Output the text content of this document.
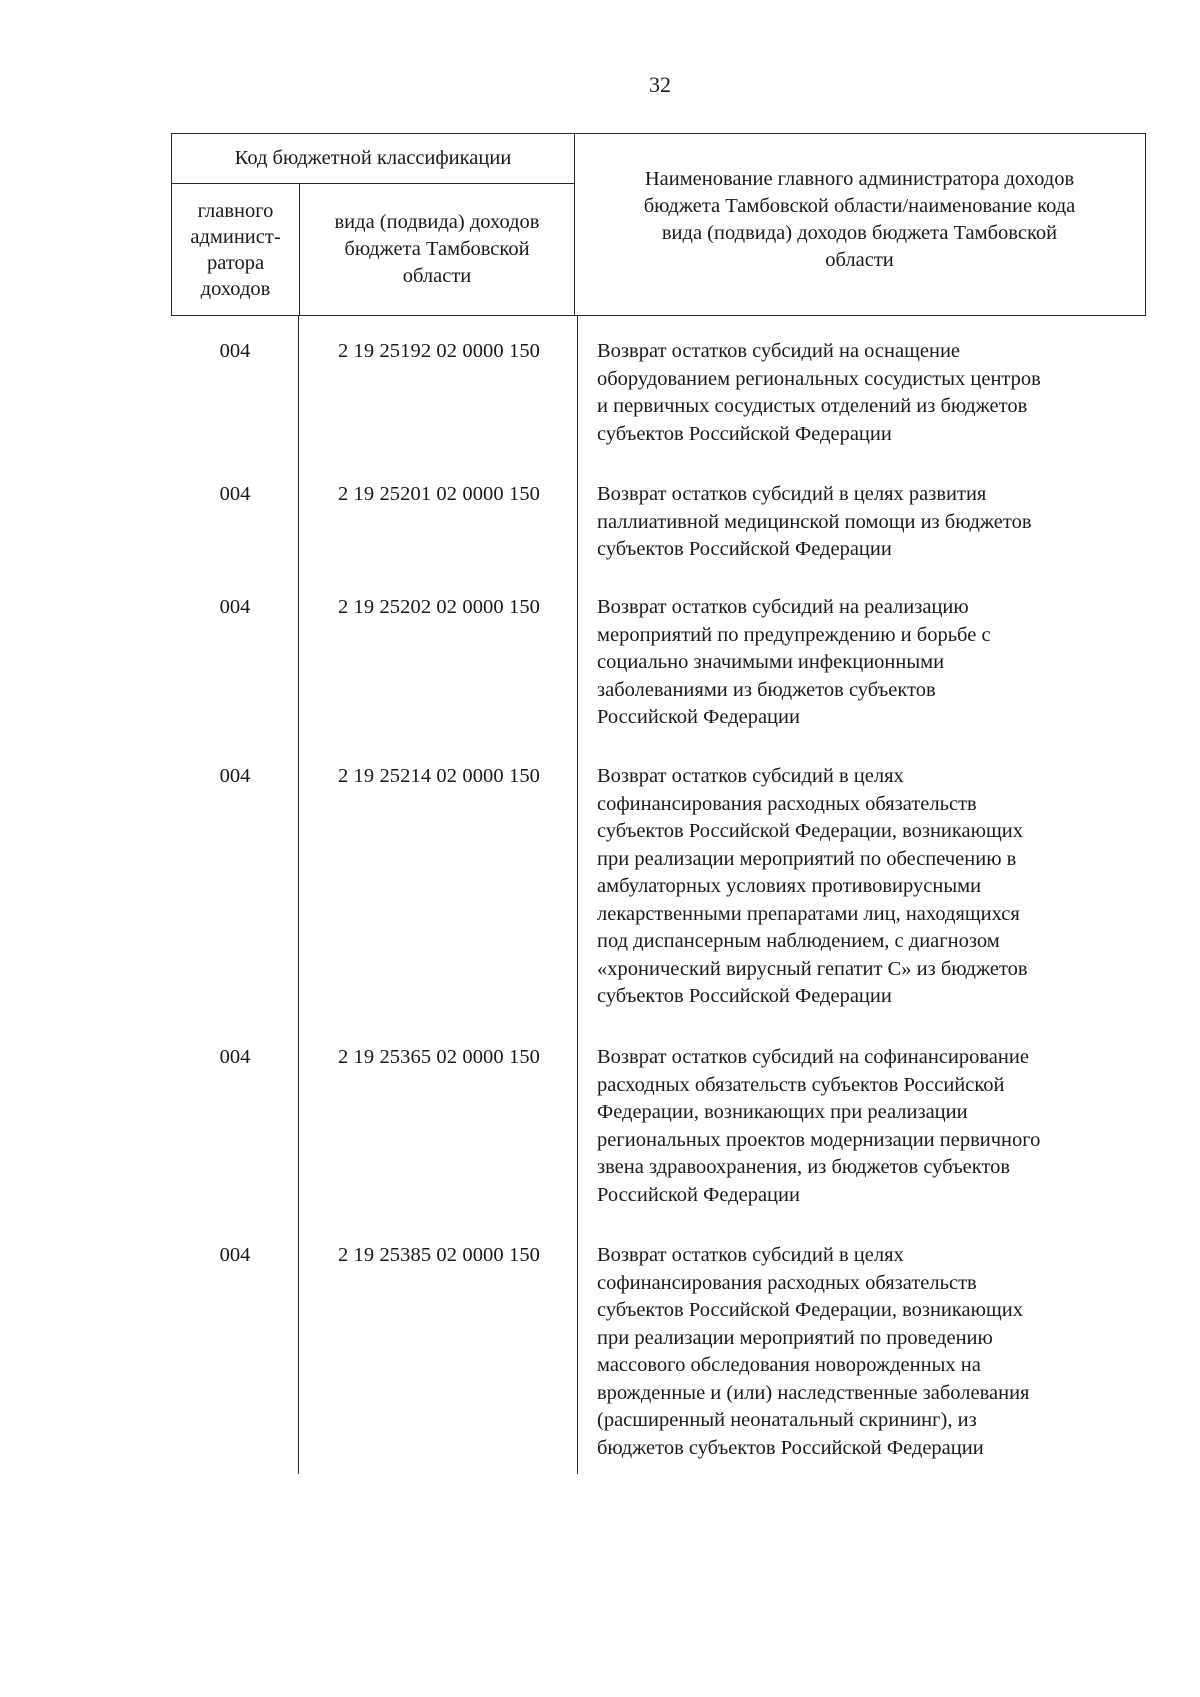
32
Код бюджетной классификации
главного
админист-
ратора
доходов
вида (подвида) доходов
бюджета Тамбовской
области
Наименование главного администратора доходов
бюджета Тамбовской области/наименование кода
вида (подвида) доходов бюджета Тамбовской
области
004	2 19 25192 02 0000 150	Возврат остатков субсидий на оснащение
оборудованием региональных сосудистых центров
и первичных сосудистых отделений из бюджетов
субъектов Российской Федерации
004	2 19 25201 02 0000 150	Возврат остатков субсидий в целях развития
паллиативной медицинской помощи из бюджетов
субъектов Российской Федерации
004	2 19 25202 02 0000 150	Возврат остатков субсидий на реализацию
мероприятий по предупреждению и борьбе с
социально значимыми инфекционными
заболеваниями из бюджетов субъектов
Российской Федерации
004	2 19 25214 02 0000 150	Возврат остатков субсидий в целях
софинансирования расходных обязательств
субъектов Российской Федерации, возникающих
при реализации мероприятий по обеспечению в
амбулаторных условиях противовирусными
лекарственными препаратами лиц, находящихся
под диспансерным наблюдением, с диагнозом
«хронический вирусный гепатит С» из бюджетов
субъектов Российской Федерации
004	2 19 25365 02 0000 150	Возврат остатков субсидий на софинансирование
расходных обязательств субъектов Российской
Федерации, возникающих при реализации
региональных проектов модернизации первичного
звена здравоохранения, из бюджетов субъектов
Российской Федерации
004	2 19 25385 02 0000 150	Возврат остатков субсидий в целях
софинансирования расходных обязательств
субъектов Российской Федерации, возникающих
при реализации мероприятий по проведению
массового обследования новорожденных на
врожденные и (или) наследственные заболевания
(расширенный неонатальный скрининг), из
бюджетов субъектов Российской Федерации
